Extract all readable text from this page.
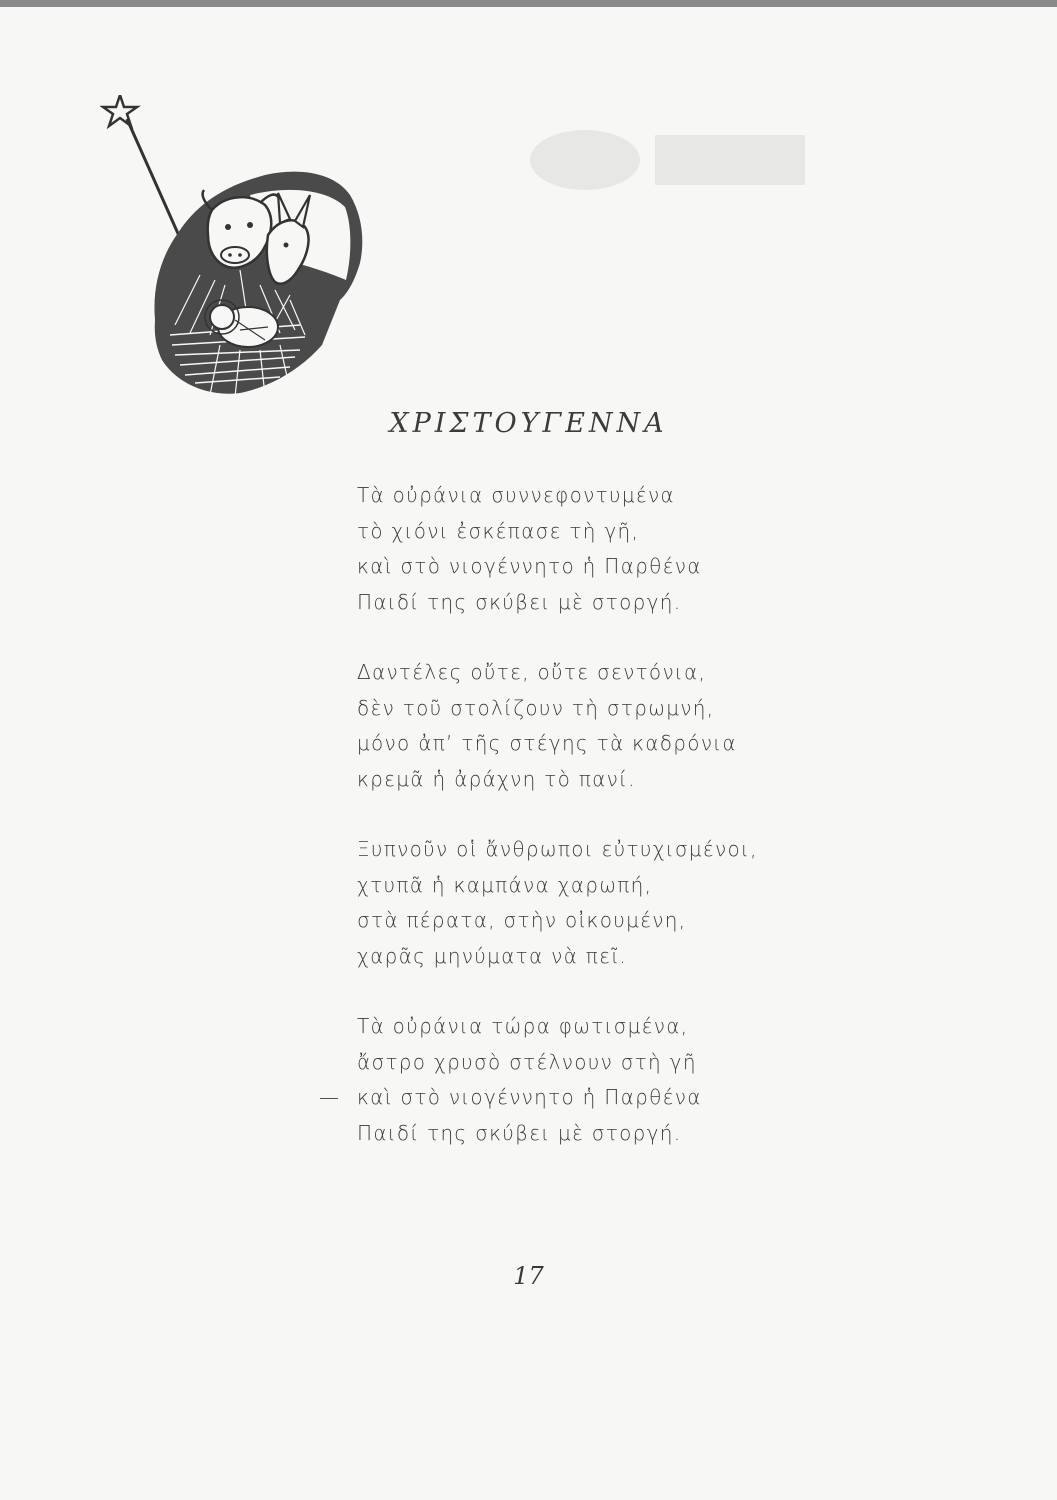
ΧΡΙΣΤΟΥΓΕΝΝΑ
Τὰ οὐράνια συννεφοντυμένα
τὸ χιόνι ἐσκέπασε τὴ γῆ,
καὶ στὸ νιογέννητο ἡ Παρθένα
Παιδί της σκύβει μὲ στοργή.
Δαντέλες οὔτε, οὔτε σεντόνια,
δὲν τοῦ στολίζουν τὴ στρωμνή,
μόνο ἀπ’ τῆς στέγης τὰ καδρόνια
κρεμᾶ ἡ ἀράχνη τὸ πανί.
Ξυπνοῦν οἱ ἄνθρωποι εὐτυχισμένοι,
χτυπᾶ ἡ καμπάνα χαρωπή,
στὰ πέρατα, στὴν οἰκουμένη,
χαρᾶς μηνύματα νὰ πεῖ.
Τὰ οὐράνια τώρα φωτισμένα,
ἄστρο χρυσὸ στέλνουν στὴ γῆ
— καὶ στὸ νιογέννητο ἡ Παρθένα
Παιδί της σκύβει μὲ στοργή.
17
